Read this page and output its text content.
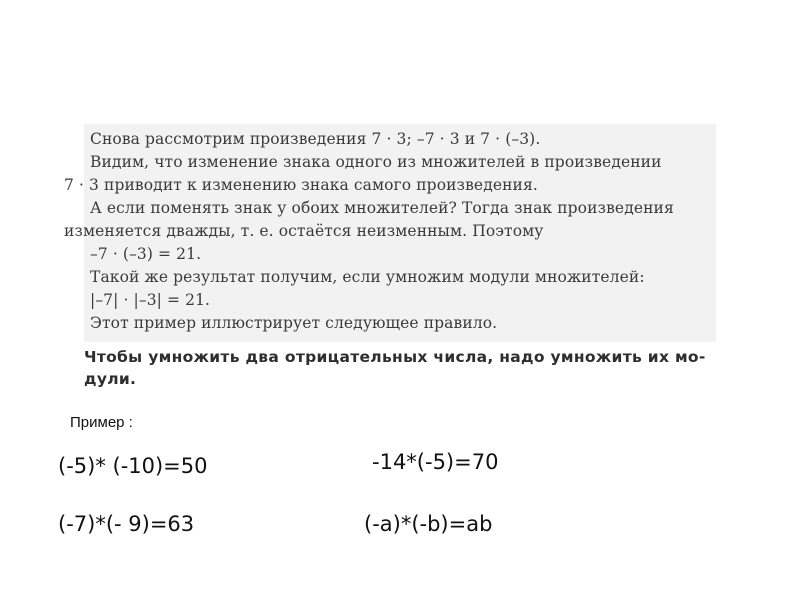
Снова рассмотрим произведения 7 · 3; –7 · 3 и 7 · (–3).
Видим, что изменение знака одного из множителей в произведении
7 · 3 приводит к изменению знака самого произведения.
А если поменять знак у обоих множителей? Тогда знак произведения
изменяется дважды, т. е. остаётся неизменным. Поэтому
–7 · (–3) = 21.
Такой же результат получим, если умножим модули множителей:
|–7| · |–3| = 21.
Этот пример иллюстрирует следующее правило.
Чтобы умножить два отрицательных числа, надо умножить их мо-
дули.
Пример :
(-5)* (-10)=50	-14*(-5)=70
(-7)*(- 9)=63	(-a)*(-b)=ab
